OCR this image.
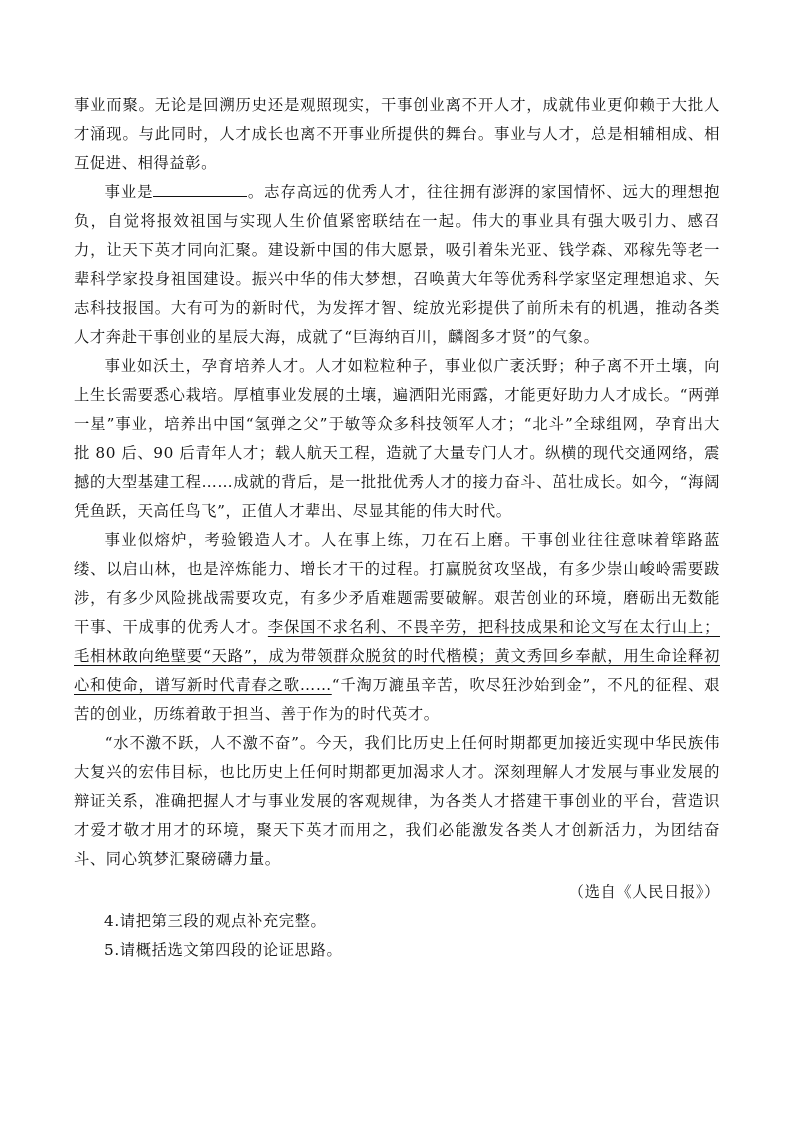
事业而聚。无论是回溯历史还是观照现实，干事创业离不开人才，成就伟业更仰赖于大批人才涌现。与此同时，人才成长也离不开事业所提供的舞台。事业与人才，总是相辅相成、相互促进、相得益彰。

事业是	。志存高远的优秀人才，往往拥有澎湃的家国情怀、远大的理想抱负，自觉将报效祖国与实现人生价值紧密联结在一起。伟大的事业具有强大吸引力、感召力，让天下英才同向汇聚。建设新中国的伟大愿景，吸引着朱光亚、钱学森、邓稼先等老一辈科学家投身祖国建设。振兴中华的伟大梦想，召唤黄大年等优秀科学家坚定理想追求、矢志科技报国。大有可为的新时代，为发挥才智、绽放光彩提供了前所未有的机遇，推动各类人才奔赴干事创业的星辰大海，成就了“巨海纳百川，麟阁多才贤”的气象。

事业如沃土，孕育培养人才。人才如粒粒种子，事业似广袤沃野；种子离不开土壤，向上生长需要悉心栽培。厚植事业发展的土壤，遍洒阳光雨露，才能更好助力人才成长。“两弹一星”事业，培养出中国“氢弹之父”于敏等众多科技领军人才；“北斗”全球组网，孕育出大批 80 后、90 后青年人才；载人航天工程，造就了大量专门人才。纵横的现代交通网络，震撼的大型基建工程……成就的背后，是一批批优秀人才的接力奋斗、茁壮成长。如今，“海阔凭鱼跃，天高任鸟飞”，正值人才辈出、尽显其能的伟大时代。

事业似熔炉，考验锻造人才。人在事上练，刀在石上磨。干事创业往往意味着筚路蓝缕、以启山林，也是淬炼能力、增长才干的过程。打赢脱贫攻坚战，有多少崇山峻岭需要跋涉，有多少风险挑战需要攻克，有多少矛盾难题需要破解。艰苦创业的环境，磨砺出无数能干事、干成事的优秀人才。李保国不求名利、不畏辛劳，把科技成果和论文写在太行山上；毛相林敢向绝壁要“天路”，成为带领群众脱贫的时代楷模；黄文秀回乡奉献，用生命诠释初心和使命，谱写新时代青春之歌……“千淘万漉虽辛苦，吹尽狂沙始到金”，不凡的征程、艰苦的创业，历练着敢于担当、善于作为的时代英才。

“水不激不跃，人不激不奋”。今天，我们比历史上任何时期都更加接近实现中华民族伟大复兴的宏伟目标，也比历史上任何时期都更加渴求人才。深刻理解人才发展与事业发展的辩证关系，准确把握人才与事业发展的客观规律，为各类人才搭建干事创业的平台，营造识才爱才敬才用才的环境，聚天下英才而用之，我们必能激发各类人才创新活力，为团结奋斗、同心筑梦汇聚磅礴力量。

（选自《人民日报》）

4.请把第三段的观点补充完整。

5.请概括选文第四段的论证思路。
